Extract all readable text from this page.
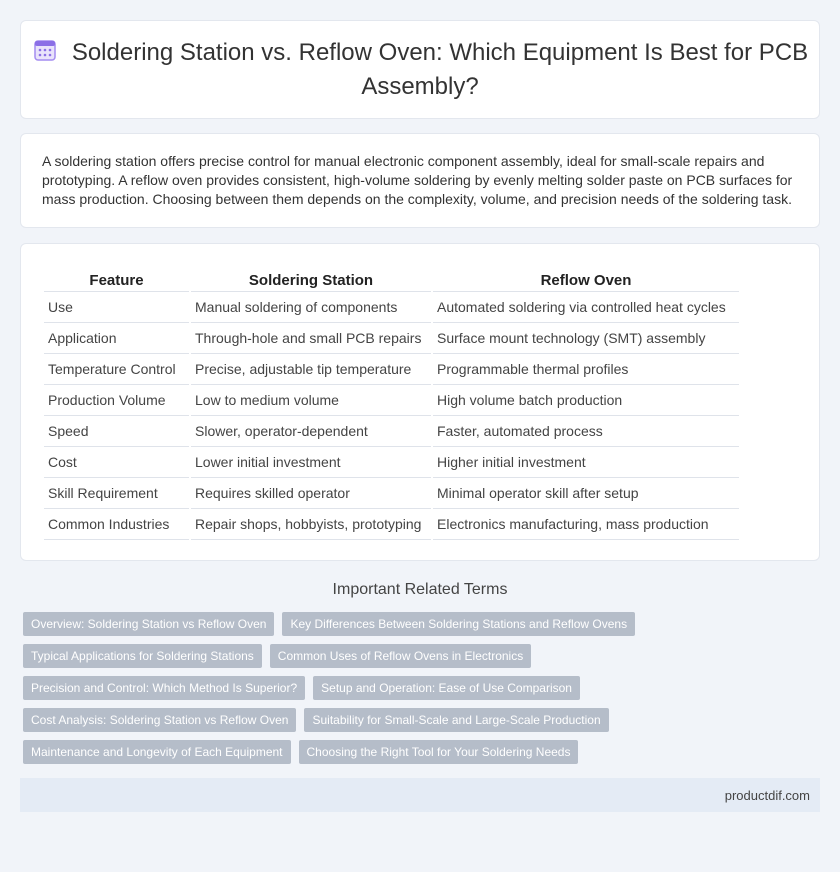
Soldering Station vs. Reflow Oven: Which Equipment Is Best for PCB Assembly?

A soldering station offers precise control for manual electronic component assembly, ideal for small-scale repairs and prototyping. A reflow oven provides consistent, high-volume soldering by evenly melting solder paste on PCB surfaces for mass production. Choosing between them depends on the complexity, volume, and precision needs of the soldering task.

Feature	Soldering Station	Reflow Oven
Use	Manual soldering of components	Automated soldering via controlled heat cycles
Application	Through-hole and small PCB repairs	Surface mount technology (SMT) assembly
Temperature Control	Precise, adjustable tip temperature	Programmable thermal profiles
Production Volume	Low to medium volume	High volume batch production
Speed	Slower, operator-dependent	Faster, automated process
Cost	Lower initial investment	Higher initial investment
Skill Requirement	Requires skilled operator	Minimal operator skill after setup
Common Industries	Repair shops, hobbyists, prototyping	Electronics manufacturing, mass production
Important Related Terms
Overview: Soldering Station vs Reflow Oven	Key Differences Between Soldering Stations and Reflow Ovens
Typical Applications for Soldering Stations	Common Uses of Reflow Ovens in Electronics
Precision and Control: Which Method Is Superior?	Setup and Operation: Ease of Use Comparison
Cost Analysis: Soldering Station vs Reflow Oven	Suitability for Small-Scale and Large-Scale Production
Maintenance and Longevity of Each Equipment	Choosing the Right Tool for Your Soldering Needs
productdif.com
